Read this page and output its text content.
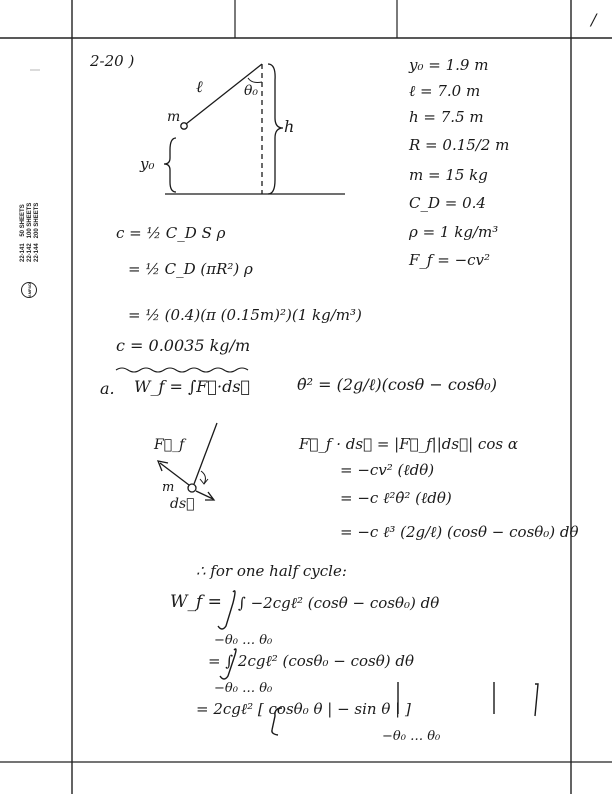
/
22-141    50 SHEETS 22-142   100 SHEETS 22-144   200 SHEETS
AMPAD
2-20 )
ℓ	θ₀
m	h
y₀
y₀ = 1.9 m
ℓ = 7.0 m
h = 7.5 m
R = 0.15/2 m
m = 15 kg
C_D = 0.4
ρ = 1 kg/m³
F_f = −cv²
c = ½ C_D S ρ
= ½ C_D (πR²) ρ
= ½ (0.4)(π (0.15m)²)(1 kg/m³)
c = 0.0035 kg/m
a. W_f = ∫F⃗·ds⃗	θ̇² = (2g/ℓ)(cosθ − cosθ₀)
F⃗_f
m
ds⃗
F⃗_f · ds⃗ = |F⃗_f||ds⃗| cos α
= −cv² (ℓdθ)
= −c ℓ²θ̇² (ℓdθ)
= −c ℓ³ (2g/ℓ) (cosθ − cosθ₀) dθ
∴ for one half cycle:
W_f = ∫ −2cgℓ² (cosθ − cosθ₀) dθ
−θ₀ … θ₀
= ∫ 2cgℓ² (cosθ₀ − cosθ) dθ
−θ₀ … θ₀
= 2cgℓ² [ cosθ₀ θ | − sin θ | ]
−θ₀ … θ₀
